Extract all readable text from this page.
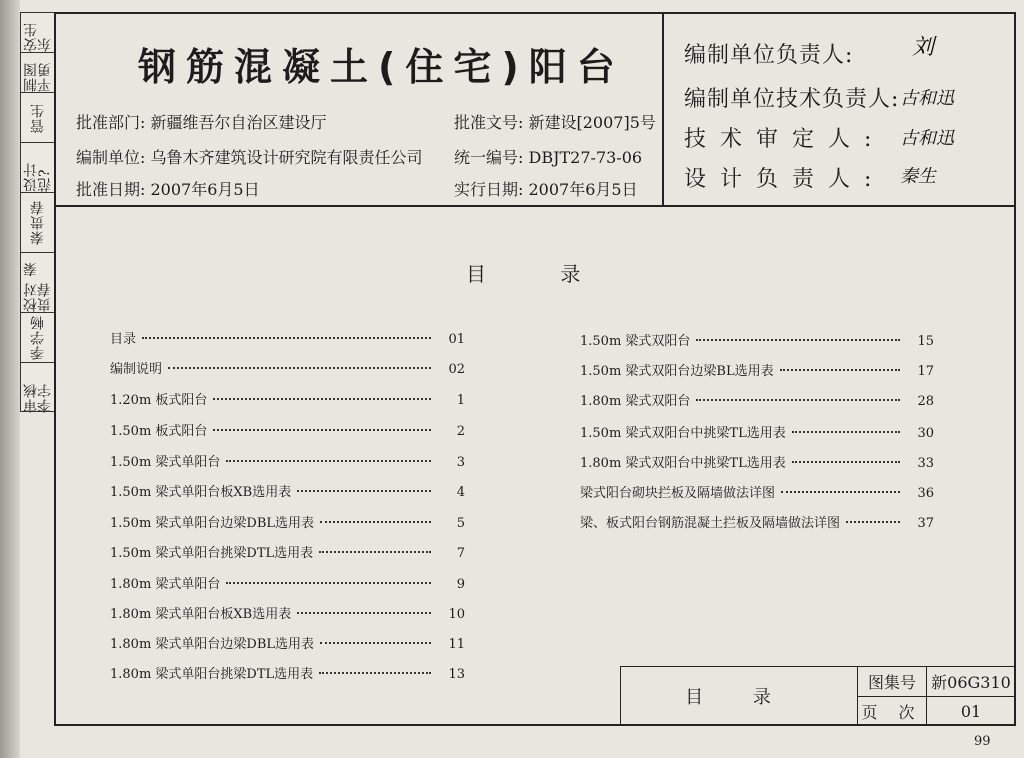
安生东
制图 平勇
管生
设计 范?
秦贵春
校对 秦贵春
季学畅
审核 李宇
钢筋混凝土(住宅)阳台
批准部门: 新疆维吾尔自治区建设厅	批准文号: 新建设[2007]5号
编制单位: 乌鲁木齐建筑设计研究院有限责任公司 统一编号: DBJT27-73-06
批准日期: 2007年6月5日	实行日期: 2007年6月5日
编制单位负责人:	刘
编制单位技术负责人: 古和迅
技术审定人: 古和迅
设计负责人: 秦生
目 录
目录	01
编制说明	02
1.20m 板式阳台	1
1.50m 板式阳台	2
1.50m 梁式单阳台	3
1.50m 梁式单阳台板XB选用表	4
1.50m 梁式单阳台边梁DBL选用表	5
1.50m 梁式单阳台挑梁DTL选用表	7
1.80m 梁式单阳台	9
1.80m 梁式单阳台板XB选用表	10
1.80m 梁式单阳台边梁DBL选用表	11
1.80m 梁式单阳台挑梁DTL选用表	13
1.50m 梁式双阳台	15
1.50m 梁式双阳台边梁BL选用表	17
1.80m 梁式双阳台	28
1.50m 梁式双阳台中挑梁TL选用表	30
1.80m 梁式双阳台中挑梁TL选用表	33
梁式阳台砌块拦板及隔墙做法详图	36
梁、板式阳台钢筋混凝土拦板及隔墙做法详图	37
目 录
图集号 新06G310
页 次	01
99
